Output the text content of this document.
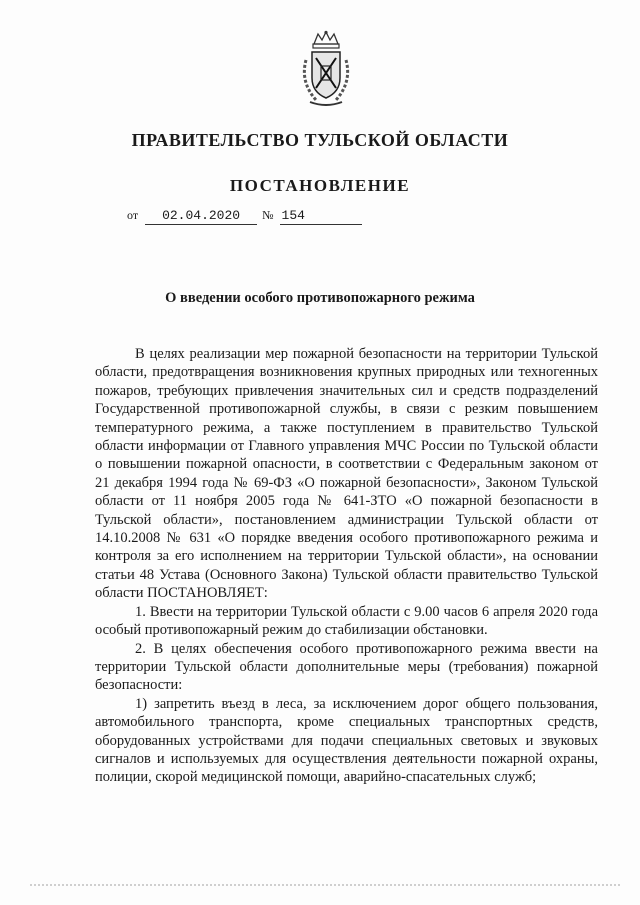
ПРАВИТЕЛЬСТВО ТУЛЬСКОЙ ОБЛАСТИ
ПОСТАНОВЛЕНИЕ
от 02.04.2020 № 154
О введении особого противопожарного режима

В целях реализации мер пожарной безопасности на территории Тульской области, предотвращения возникновения крупных природных или техногенных пожаров, требующих привлечения значительных сил и средств подразделений Государственной противопожарной службы, в связи с резким повышением температурного режима, а также поступлением в правительство Тульской области информации от Главного управления МЧС России по Тульской области о повышении пожарной опасности, в соответствии с Федеральным законом от 21 декабря 1994 года № 69-ФЗ «О пожарной безопасности», Законом Тульской области от 11 ноября 2005 года № 641-ЗТО «О пожарной безопасности в Тульской области», постановлением администрации Тульской области от 14.10.2008 № 631 «О порядке введения особого противопожарного режима и контроля за его исполнением на территории Тульской области», на основании статьи 48 Устава (Основного Закона) Тульской области правительство Тульской области ПОСТАНОВЛЯЕТ:

1. Ввести на территории Тульской области с 9.00 часов 6 апреля 2020 года особый противопожарный режим до стабилизации обстановки.

2. В целях обеспечения особого противопожарного режима ввести на территории Тульской области дополнительные меры (требования) пожарной безопасности:

1) запретить въезд в леса, за исключением дорог общего пользования, автомобильного транспорта, кроме специальных транспортных средств, оборудованных устройствами для подачи специальных световых и звуковых сигналов и используемых для осуществления деятельности пожарной охраны, полиции, скорой медицинской помощи, аварийно-спасательных служб;
